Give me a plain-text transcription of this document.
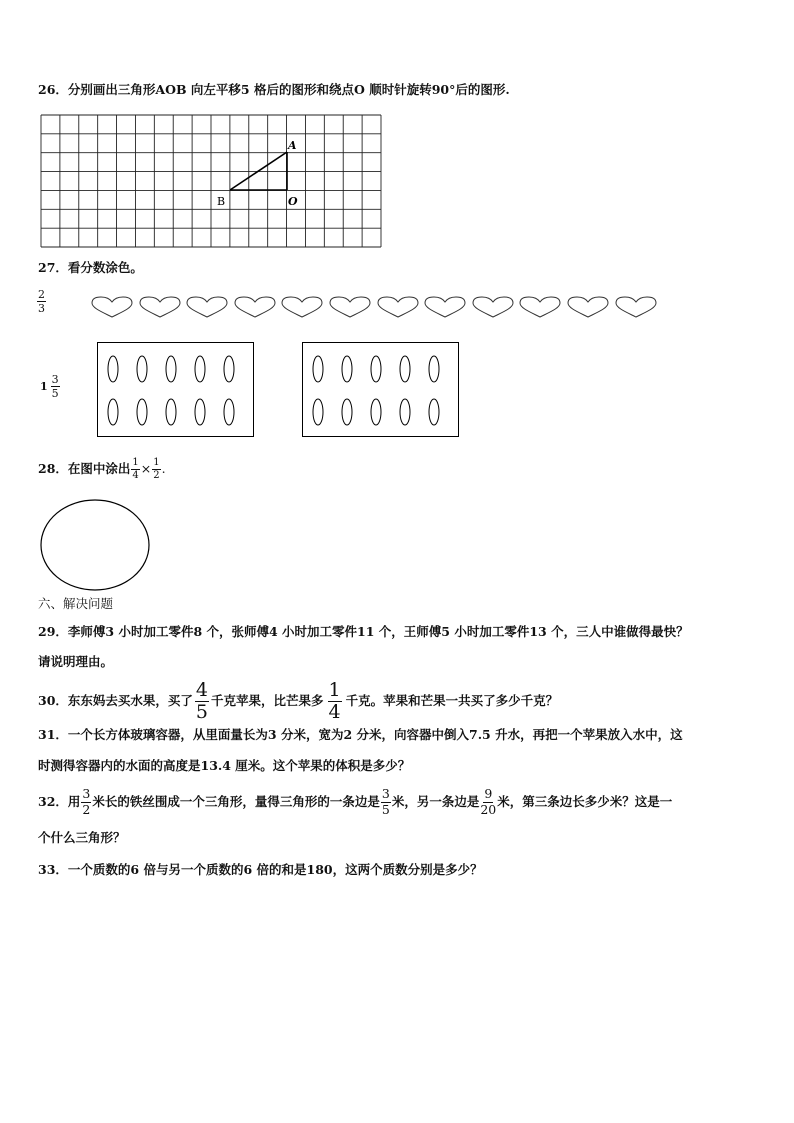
26．分别画出三角形AOB 向左平移5 格后的图形和绕点O 顺时针旋转90°后的图形.
A
B	O
27．看分数涂色。
$\frac{2}{3}$
$1 \frac{3}{5}$
28． 在图中涂出 $\frac{1}{4} \times \frac{1}{2}$ .
六、解决问题
29．李师傅3 小时加工零件8 个，张师傅4 小时加工零件11 个，王师傅5 小时加工零件13 个，三人中谁做得最快？
请说明理由。
30． 东东妈去买水果，买了 $\frac{4}{5}$ 千克苹果，比芒果多 $\frac{1}{4}$ 千克。苹果和芒果一共买了多少千克？
31．一个长方体玻璃容器，从里面量长为3 分米，宽为2 分米，向容器中倒入7.5 升水，再把一个苹果放入水中，这
时测得容器内的水面的高度是13.4 厘米。这个苹果的体积是多少？
32． 用 $\frac{3}{2}$ 米长的铁丝围成一个三角形，量得三角形的一条边是 $\frac{3}{5}$ 米，另一条边是 $\frac{9}{20}$ 米，第三条边长多少米？这是一
个什么三角形？
33．一个质数的6 倍与另一个质数的6 倍的和是180，这两个质数分别是多少？
